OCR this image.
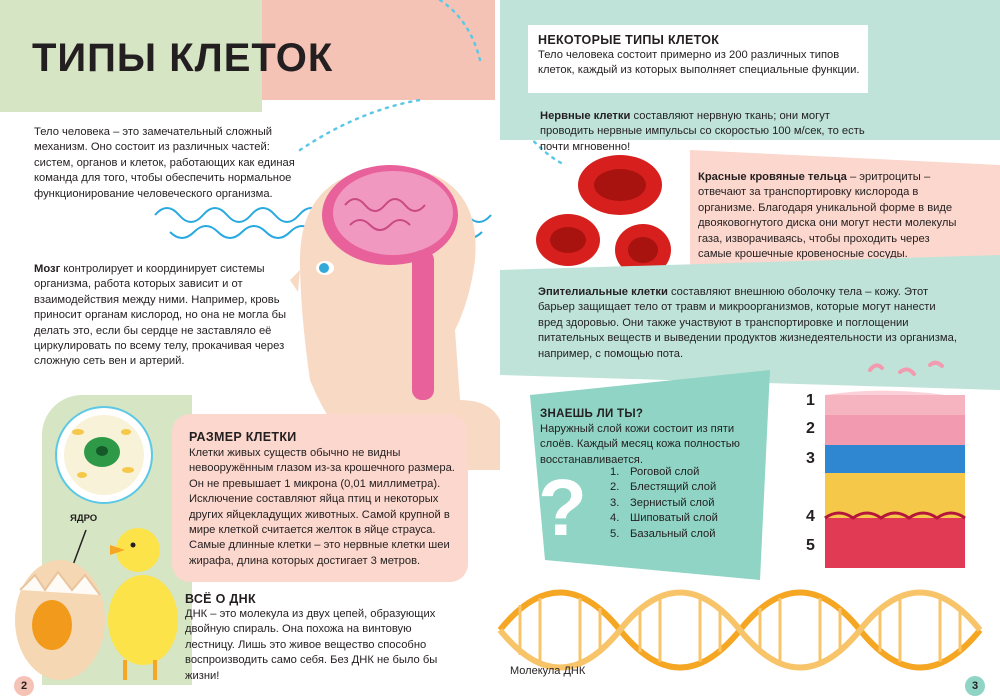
ТИПЫ КЛЕТОК
Тело человека – это замечательный сложный механизм. Оно состоит из различных частей: систем, органов и клеток, работающих как единая команда для того, чтобы обеспечить нормальное функционирование человеческого организма.
Мозг контролирует и координирует системы организма, работа которых зависит и от взаимодействия между ними. Например, кровь приносит органам кислород, но она не могла бы делать это, если бы сердце не заставляло её циркулировать по всему телу, прокачивая через сложную сеть вен и артерий.
ЯДРО
РАЗМЕР КЛЕТКИ
Клетки живых существ обычно не видны невооружённым глазом из-за крошечного размера. Он не превышает 1 микрона (0,01 миллиметра). Исключение составляют яйца птиц и некоторых других яйцекладущих животных. Самой крупной в мире клеткой считается желток в яйце страуса. Самые длинные клетки – это нервные клетки шеи жирафа, длина которых достигает 3 метров.
ВСЁ О ДНК
ДНК – это молекула из двух цепей, образующих двойную спираль. Она похожа на винтовую лестницу. Лишь это живое вещество способно воспроизводить само себя. Без ДНК не было бы жизни!
2
НЕКОТОРЫЕ ТИПЫ КЛЕТОК
Тело человека состоит примерно из 200 различных типов клеток, каждый из которых выполняет специальные функции.
Нервные клетки составляют нервную ткань; они могут проводить нервные импульсы со скоростью 100 м/сек, то есть почти мгновенно!
Красные кровяные тельца – эритроциты – отвечают за транспортировку кислорода в организме. Благодаря уникальной форме в виде двояковогнутого диска они могут нести молекулы газа, изворачиваясь, чтобы проходить через самые крошечные кровеносные сосуды.
Эпителиальные клетки составляют внешнюю оболочку тела – кожу. Этот барьер защищает тело от травм и микроорганизмов, которые могут нанести вред здоровью. Они также участвуют в транспортировке и поглощении питательных веществ и выведении продуктов жизнедеятельности из организма, например, с помощью пота.
ЗНАЕШЬ ЛИ ТЫ?
Наружный слой кожи состоит из пяти слоёв. Каждый месяц кожа полностью восстанавливается.
? 1. Роговой слой
2. Блестящий слой
3. Зернистый слой
4. Шиповатый слой
5. Базальный слой
1
2
3
4
5
Молекула ДНК
3
